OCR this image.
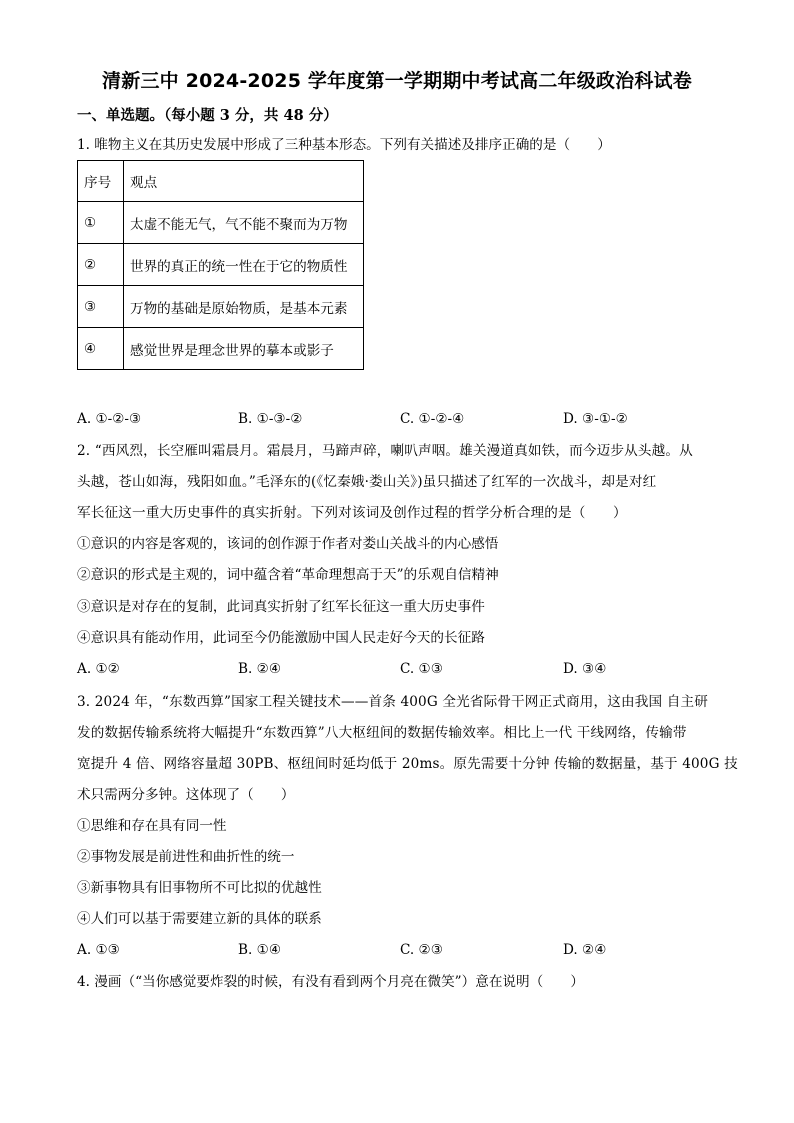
清新三中 2024-2025 学年度第一学期期中考试高二年级政治科试卷
一、单选题。（每小题 3 分，共 48 分）
1. 唯物主义在其历史发展中形成了三种基本形态。下列有关描述及排序正确的是（　　）
序号	观点
①	太虚不能无气，气不能不聚而为万物
②	世界的真正的统一性在于它的物质性
③	万物的基础是原始物质，是基本元素
④	感觉世界是理念世界的摹本或影子
A. ①-②-③	B. ①-③-②	C. ①-②-④	D. ③-①-②
2. “西风烈，长空雁叫霜晨月。霜晨月，马蹄声碎，喇叭声咽。雄关漫道真如铁，而今迈步从头越。从
头越，苍山如海，残阳如血。”毛泽东的(《忆秦娥·娄山关》)虽只描述了红军的一次战斗，却是对红
军长征这一重大历史事件的真实折射。下列对该词及创作过程的哲学分析合理的是（　　）
①意识的内容是客观的，该词的创作源于作者对娄山关战斗的内心感悟
②意识的形式是主观的，词中蕴含着“革命理想高于天”的乐观自信精神
③意识是对存在的复制，此词真实折射了红军长征这一重大历史事件
④意识具有能动作用，此词至今仍能激励中国人民走好今天的长征路
A. ①②	B. ②④	C. ①③	D. ③④
3. 2024 年，“东数西算”国家工程关键技术——首条 400G 全光省际骨干网正式商用，这由我国 自主研
发的数据传输系统将大幅提升“东数西算”八大枢纽间的数据传输效率。相比上一代 干线网络，传输带
宽提升 4 倍、网络容量超 30PB、枢纽间时延均低于 20ms。原先需要十分钟 传输的数据量，基于 400G 技
术只需两分多钟。这体现了（　　）
①思维和存在具有同一性
②事物发展是前进性和曲折性的统一
③新事物具有旧事物所不可比拟的优越性
④人们可以基于需要建立新的具体的联系
A. ①③	B. ①④	C. ②③	D. ②④
4. 漫画（“当你感觉要炸裂的时候，有没有看到两个月亮在微笑”）意在说明（　　）
